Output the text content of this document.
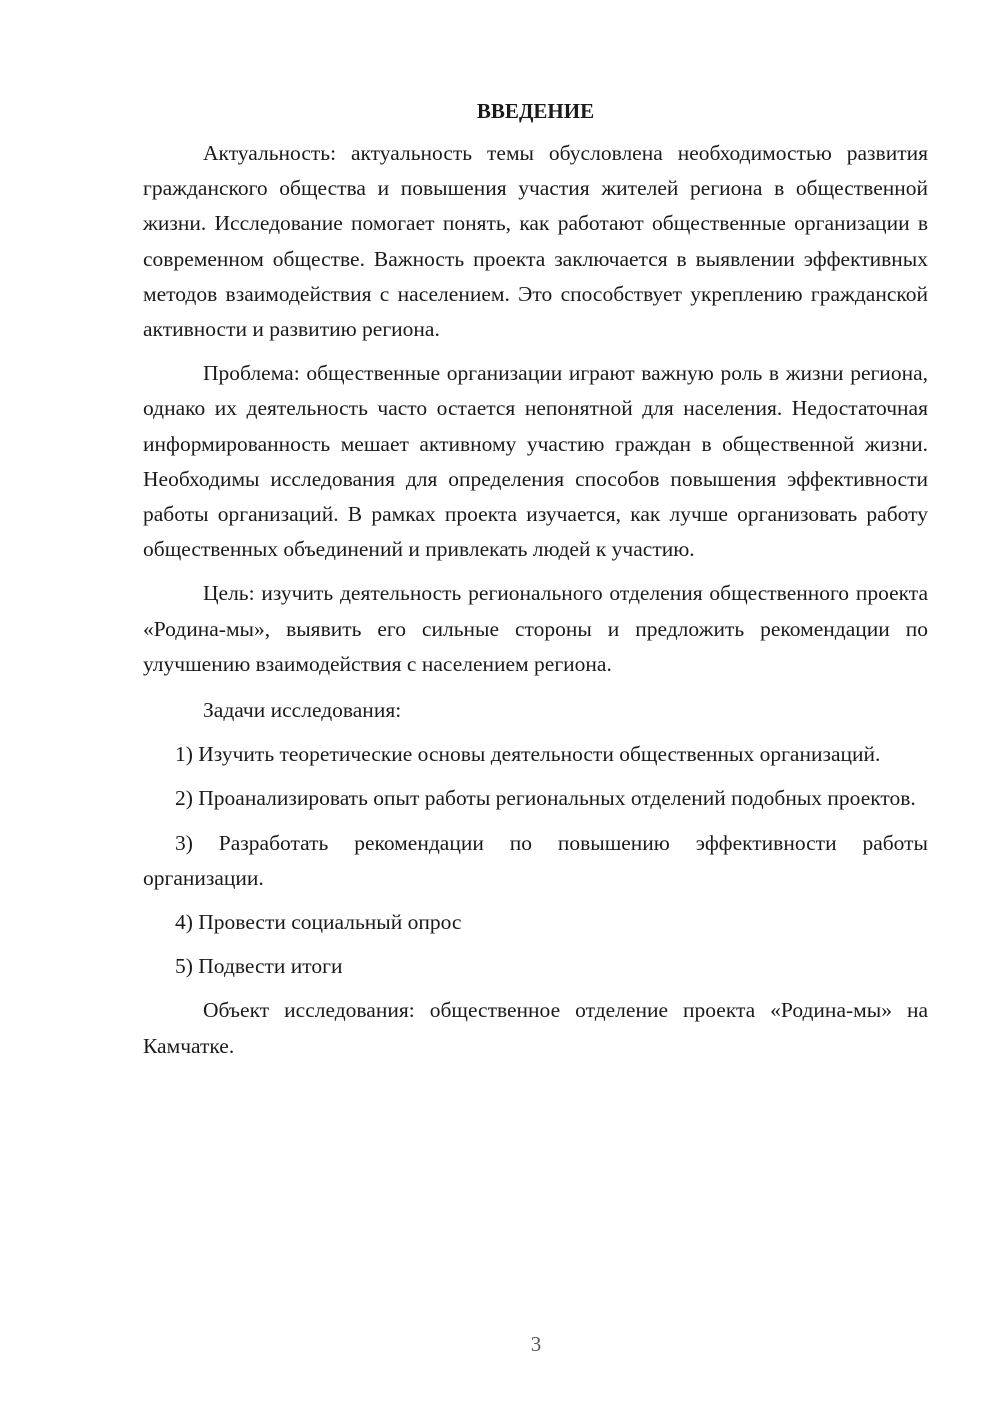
ВВЕДЕНИЕ

Актуальность: актуальность темы обусловлена необходимостью развития гражданского общества и повышения участия жителей региона в общественной жизни. Исследование помогает понять, как работают общественные организации в современном обществе. Важность проекта заключается в выявлении эффективных методов взаимодействия с населением. Это способствует укреплению гражданской активности и развитию региона.

Проблема: общественные организации играют важную роль в жизни региона, однако их деятельность часто остается непонятной для населения. Недостаточная информированность мешает активному участию граждан в общественной жизни. Необходимы исследования для определения способов повышения эффективности работы организаций. В рамках проекта изучается, как лучше организовать работу общественных объединений и привлекать людей к участию.

Цель: изучить деятельность регионального отделения общественного проекта «Родина-мы», выявить его сильные стороны и предложить рекомендации по улучшению взаимодействия с населением региона.

Задачи исследования:

1) Изучить теоретические основы деятельности общественных организаций.

2) Проанализировать опыт работы региональных отделений подобных проектов.

3) Разработать рекомендации по повышению эффективности работы организации.

4) Провести социальный опрос

5) Подвести итоги

Объект исследования: общественное отделение проекта «Родина-мы» на Камчатке.

3
